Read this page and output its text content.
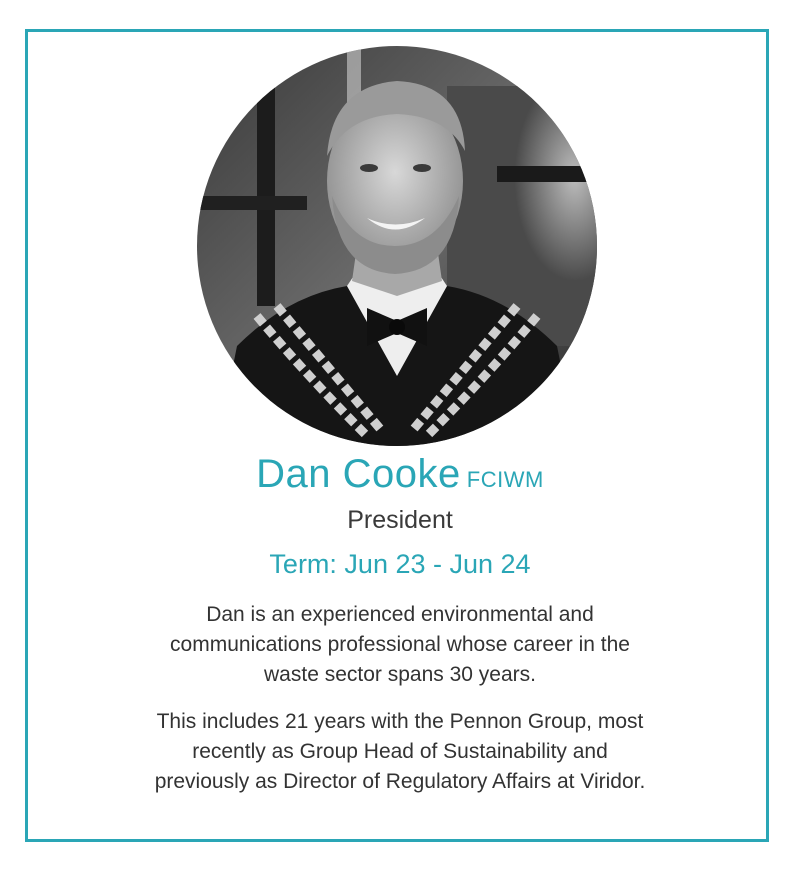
Dan Cooke FCIWM
President
Term: Jun 23 - Jun 24

Dan is an experienced environmental and
communications professional whose career in the
waste sector spans 30 years.

This includes 21 years with the Pennon Group, most
recently as Group Head of Sustainability and
previously as Director of Regulatory Affairs at Viridor.
